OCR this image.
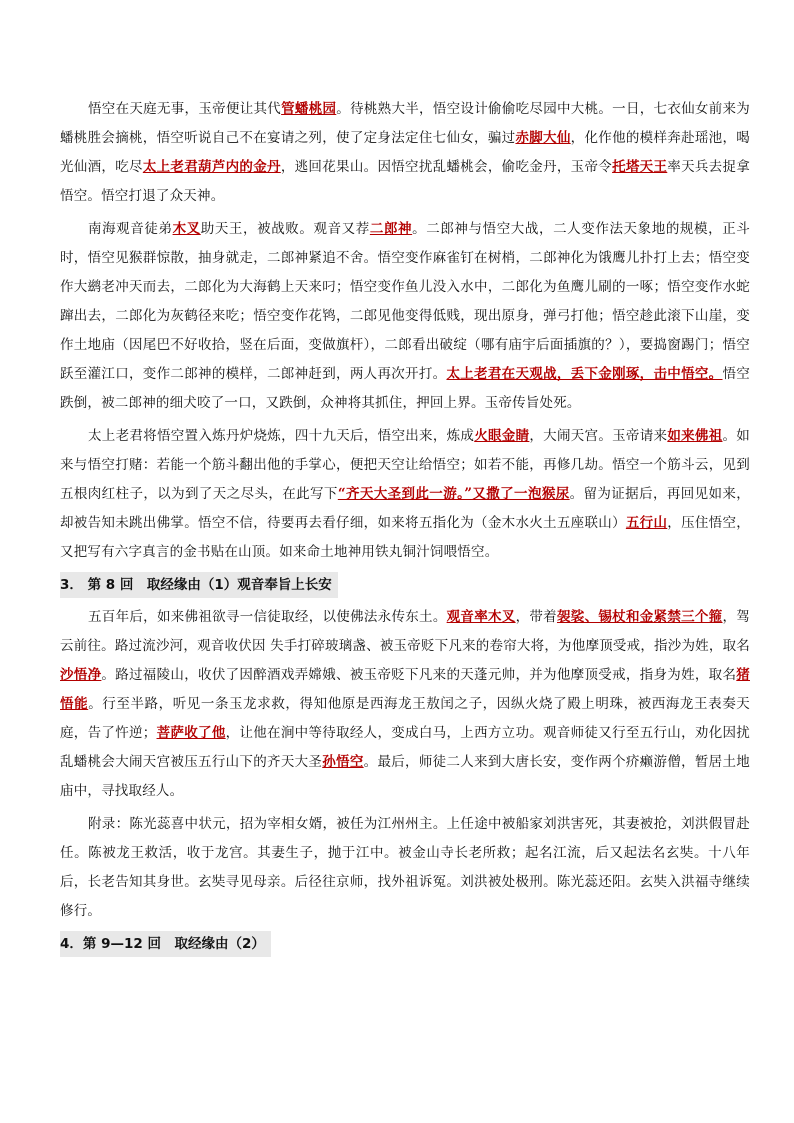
悟空在天庭无事，玉帝便让其代管蟠桃园。待桃熟大半，悟空设计偷偷吃尽园中大桃。一日，七衣仙女前来为蟠桃胜会摘桃，悟空听说自己不在宴请之列，使了定身法定住七仙女，骗过赤脚大仙，化作他的模样奔赴瑶池，喝光仙酒，吃尽太上老君葫芦内的金丹，逃回花果山。因悟空扰乱蟠桃会，偷吃金丹，玉帝令托塔天王率天兵去捉拿悟空。悟空打退了众天神。

南海观音徒弟木叉助天王，被战败。观音又荐二郎神。二郎神与悟空大战，二人变作法天象地的规模，正斗时，悟空见猴群惊散，抽身就走，二郎神紧追不舍。悟空变作麻雀钉在树梢，二郎神化为饿鹰儿扑打上去；悟空变作大鹚老冲天而去，二郎化为大海鹤上天来叼；悟空变作鱼儿没入水中，二郎化为鱼鹰儿刷的一啄；悟空变作水蛇蹿出去，二郎化为灰鹤径来吃；悟空变作花鸨，二郎见他变得低贱，现出原身，弹弓打他；悟空趁此滚下山崖，变作土地庙（因尾巴不好收拾，竖在后面，变做旗杆），二郎看出破绽（哪有庙宇后面插旗的？），要捣窗踢门；悟空跃至灌江口，变作二郎神的模样，二郎神赶到，两人再次开打。太上老君在天观战，丢下金刚琢，击中悟空。悟空跌倒，被二郎神的细犬咬了一口，又跌倒，众神将其抓住，押回上界。玉帝传旨处死。

太上老君将悟空置入炼丹炉烧炼，四十九天后，悟空出来，炼成火眼金睛，大闹天宫。玉帝请来如来佛祖。如来与悟空打赌：若能一个筋斗翻出他的手掌心，便把天空让给悟空；如若不能，再修几劫。悟空一个筋斗云，见到五根肉红柱子，以为到了天之尽头，在此写下“齐天大圣到此一游。”又撒了一泡猴尿。留为证据后，再回见如来，却被告知未跳出佛掌。悟空不信，待要再去看仔细，如来将五指化为（金木水火土五座联山）五行山，压住悟空，又把写有六字真言的金书贴在山顶。如来命土地神用铁丸铜汁饲喂悟空。

3． 第 8 回　取经缘由（1）观音奉旨上长安

五百年后，如来佛祖欲寻一信徒取经，以使佛法永传东土。观音率木叉，带着袈裟、锡杖和金紧禁三个箍，驾云前往。路过流沙河，观音收伏因 失手打碎玻璃盏、被玉帝贬下凡来的卷帘大将，为他摩顶受戒，指沙为姓，取名 沙悟净。路过福陵山，收伏了因醉酒戏弄嫦娥、被玉帝贬下凡来的天蓬元帅，并为他摩顶受戒，指身为姓，取名猪悟能。行至半路，听见一条玉龙求救，得知他原是西海龙王敖闰之子，因纵火烧了殿上明珠，被西海龙王表奏天庭，告了忤逆；菩萨收了他，让他在涧中等待取经人，变成白马，上西方立功。观音师徒又行至五行山，劝化因扰乱蟠桃会大闹天宫被压五行山下的齐天大圣孙悟空。最后，师徒二人来到大唐长安，变作两个疥癞游僧，暂居土地庙中，寻找取经人。

附录：陈光蕊喜中状元，招为宰相女婿，被任为江州州主。上任途中被船家刘洪害死，其妻被抢，刘洪假冒赴任。陈被龙王救活，收于龙宫。其妻生子，抛于江中。被金山寺长老所救；起名江流，后又起法名玄奘。十八年后，长老告知其身世。玄奘寻见母亲。后径往京师，找外祖诉冤。刘洪被处极刑。陈光蕊还阳。玄奘入洪福寺继续修行。

4．第 9—12 回　取经缘由（2）
